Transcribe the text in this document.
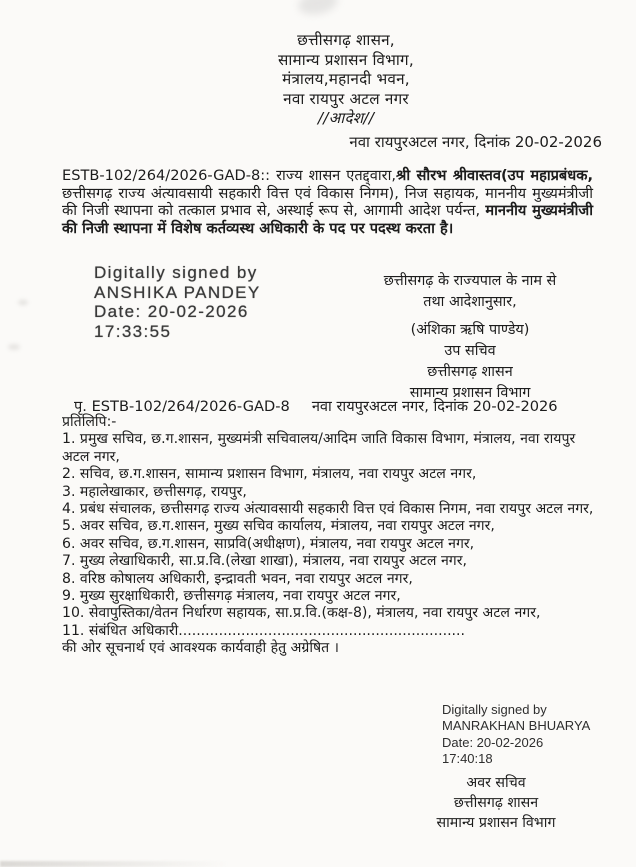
छत्तीसगढ़ शासन,
सामान्य प्रशासन विभाग,
मंत्रालय,महानदी भवन,
नवा रायपुर अटल नगर
//आदेश//
नवा रायपुरअटल नगर, दिनांक 20-02-2026

ESTB-102/264/2026-GAD-8:: राज्य शासन एतद्द्वारा,श्री सौरभ श्रीवास्तव(उप महाप्रबंधक, छत्तीसगढ़ राज्य अंत्यावसायी सहकारी वित्त एवं विकास निगम), निज सहायक, माननीय मुख्यमंत्रीजी की निजी स्थापना को तत्काल प्रभाव से, अस्थाई रूप से, आगामी आदेश पर्यन्त, माननीय मुख्यमंत्रीजी की निजी स्थापना में विशेष कर्तव्यस्थ अधिकारी के पद पर पदस्थ करता है।

Digitally signed by
ANSHIKA PANDEY
Date: 20-02-2026
17:33:55
छत्तीसगढ़ के राज्यपाल के नाम से
तथा आदेशानुसार,
(अंशिका ऋषि पाण्डेय)
उप सचिव
छत्तीसगढ़ शासन
सामान्य प्रशासन विभाग
पृ. ESTB-102/264/2026-GAD-8 नवा रायपुरअटल नगर, दिनांक 20-02-2026
प्रतिलिपि:-
1. प्रमुख सचिव, छ.ग.शासन, मुख्यमंत्री सचिवालय/आदिम जाति विकास विभाग, मंत्रालय, नवा रायपुर अटल नगर,
2. सचिव, छ.ग.शासन, सामान्य प्रशासन विभाग, मंत्रालय, नवा रायपुर अटल नगर,
3. महालेखाकार, छत्तीसगढ़, रायपुर,
4. प्रबंध संचालक, छत्तीसगढ़ राज्य अंत्यावसायी सहकारी वित्त एवं विकास निगम, नवा रायपुर अटल नगर,
5. अवर सचिव, छ.ग.शासन, मुख्य सचिव कार्यालय, मंत्रालय, नवा रायपुर अटल नगर,
6. अवर सचिव, छ.ग.शासन, साप्रवि(अधीक्षण), मंत्रालय, नवा रायपुर अटल नगर,
7. मुख्य लेखाधिकारी, सा.प्र.वि.(लेखा शाखा), मंत्रालय, नवा रायपुर अटल नगर,
8. वरिष्ठ कोषालय अधिकारी, इन्द्रावती भवन, नवा रायपुर अटल नगर,
9. मुख्य सुरक्षाधिकारी, छत्तीसगढ़ मंत्रालय, नवा रायपुर अटल नगर,
10. सेवापुस्तिका/वेतन निर्धारण सहायक, सा.प्र.वि.(कक्ष-8), मंत्रालय, नवा रायपुर अटल नगर,
11. संबंधित अधिकारी................................................................
की ओर सूचनार्थ एवं आवश्यक कार्यवाही हेतु अग्रेषित ।
Digitally signed by
MANRAKHAN BHUARYA
Date: 20-02-2026
17:40:18
अवर सचिव
छत्तीसगढ़ शासन
सामान्य प्रशासन विभाग
